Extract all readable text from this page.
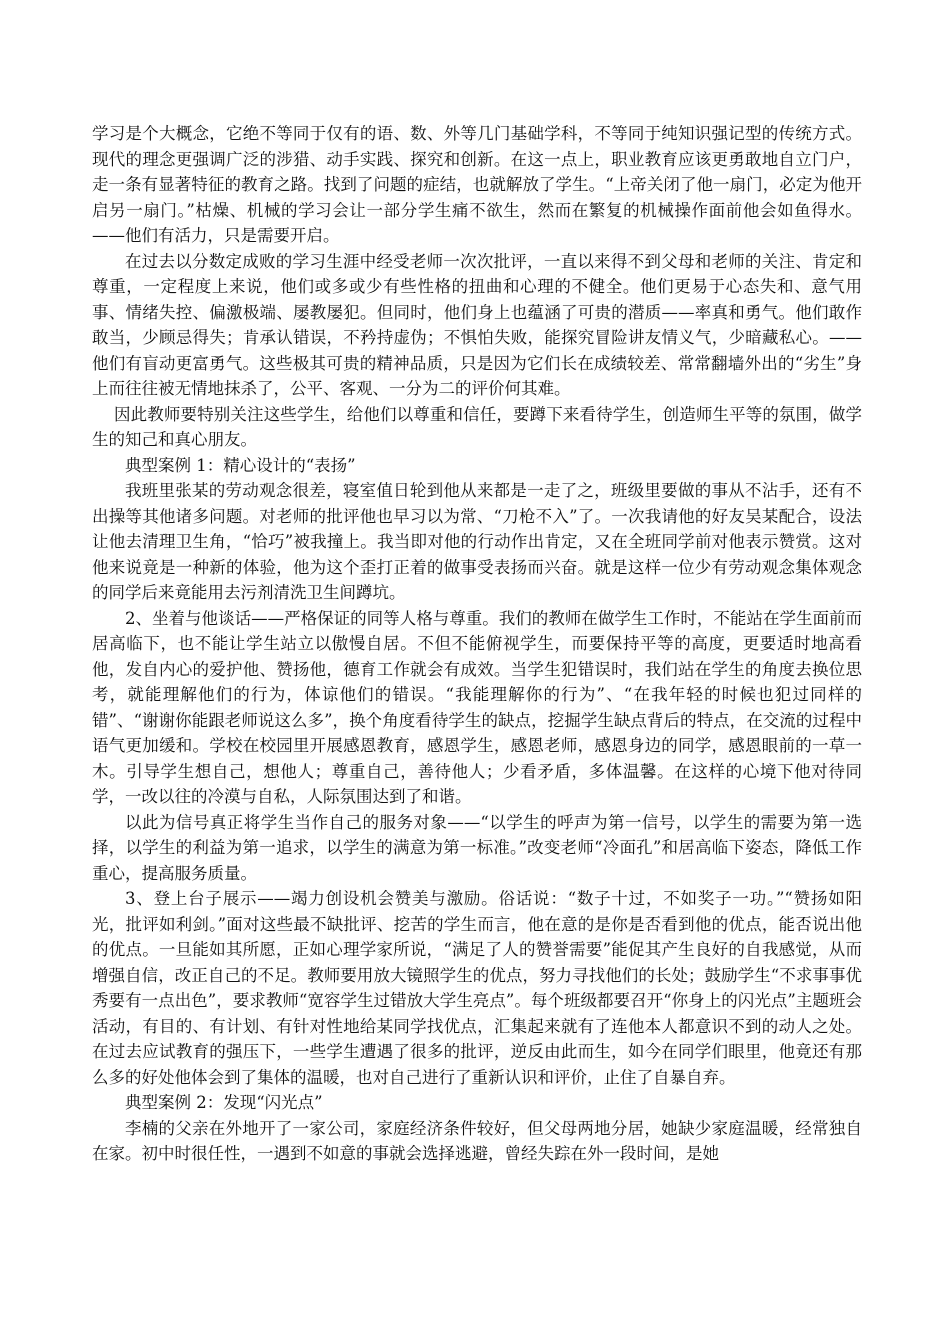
学习是个大概念，它绝不等同于仅有的语、数、外等几门基础学科，不等同于纯知识强记型的传统方式。现代的理念更强调广泛的涉猎、动手实践、探究和创新。在这一点上，职业教育应该更勇敢地自立门户，走一条有显著特征的教育之路。找到了问题的症结，也就解放了学生。“上帝关闭了他一扇门，必定为他开启另一扇门。”枯燥、机械的学习会让一部分学生痛不欲生，然而在繁复的机械操作面前他会如鱼得水。——他们有活力，只是需要开启。

在过去以分数定成败的学习生涯中经受老师一次次批评，一直以来得不到父母和老师的关注、肯定和尊重，一定程度上来说，他们或多或少有些性格的扭曲和心理的不健全。他们更易于心态失和、意气用事、情绪失控、偏激极端、屡教屡犯。但同时，他们身上也蕴涵了可贵的潜质——率真和勇气。他们敢作敢当，少顾忌得失；肯承认错误，不矜持虚伪；不惧怕失败，能探究冒险讲友情义气，少暗藏私心。——他们有盲动更富勇气。这些极其可贵的精神品质，只是因为它们长在成绩较差、常常翻墙外出的“劣生”身上而往往被无情地抹杀了，公平、客观、一分为二的评价何其难。

因此教师要特别关注这些学生，给他们以尊重和信任，要蹲下来看待学生，创造师生平等的氛围，做学生的知己和真心朋友。

典型案例 1：精心设计的“表扬”

我班里张某的劳动观念很差，寝室值日轮到他从来都是一走了之，班级里要做的事从不沾手，还有不出操等其他诸多问题。对老师的批评他也早习以为常、“刀枪不入”了。一次我请他的好友吴某配合，设法让他去清理卫生角，“恰巧”被我撞上。我当即对他的行动作出肯定，又在全班同学前对他表示赞赏。这对他来说竟是一种新的体验，他为这个歪打正着的做事受表扬而兴奋。就是这样一位少有劳动观念集体观念的同学后来竟能用去污剂清洗卫生间蹲坑。

2、坐着与他谈话——严格保证的同等人格与尊重。我们的教师在做学生工作时，不能站在学生面前而居高临下，也不能让学生站立以傲慢自居。不但不能俯视学生，而要保持平等的高度，更要适时地高看他，发自内心的爱护他、赞扬他，德育工作就会有成效。当学生犯错误时，我们站在学生的角度去换位思考，就能理解他们的行为，体谅他们的错误。“我能理解你的行为”、“在我年轻的时候也犯过同样的错”、“谢谢你能跟老师说这么多”，换个角度看待学生的缺点，挖掘学生缺点背后的特点，在交流的过程中语气更加缓和。学校在校园里开展感恩教育，感恩学生，感恩老师，感恩身边的同学，感恩眼前的一草一木。引导学生想自己，想他人；尊重自己，善待他人；少看矛盾，多体温馨。在这样的心境下他对待同学，一改以往的冷漠与自私，人际氛围达到了和谐。

以此为信号真正将学生当作自己的服务对象——“以学生的呼声为第一信号，以学生的需要为第一选择，以学生的利益为第一追求，以学生的满意为第一标准。”改变老师“冷面孔”和居高临下姿态，降低工作重心，提高服务质量。

3、登上台子展示——竭力创设机会赞美与激励。俗话说：“数子十过，不如奖子一功。”“赞扬如阳光，批评如利剑。”面对这些最不缺批评、挖苦的学生而言，他在意的是你是否看到他的优点，能否说出他的优点。一旦能如其所愿，正如心理学家所说，“满足了人的赞誉需要”能促其产生良好的自我感觉，从而增强自信，改正自己的不足。教师要用放大镜照学生的优点，努力寻找他们的长处；鼓励学生“不求事事优秀要有一点出色”，要求教师“宽容学生过错放大学生亮点”。每个班级都要召开“你身上的闪光点”主题班会活动，有目的、有计划、有针对性地给某同学找优点，汇集起来就有了连他本人都意识不到的动人之处。在过去应试教育的强压下，一些学生遭遇了很多的批评，逆反由此而生，如今在同学们眼里，他竟还有那么多的好处他体会到了集体的温暖，也对自己进行了重新认识和评价，止住了自暴自弃。

典型案例 2：发现“闪光点”

李楠的父亲在外地开了一家公司，家庭经济条件较好，但父母两地分居，她缺少家庭温暖，经常独自在家。初中时很任性，一遇到不如意的事就会选择逃避，曾经失踪在外一段时间，是她
